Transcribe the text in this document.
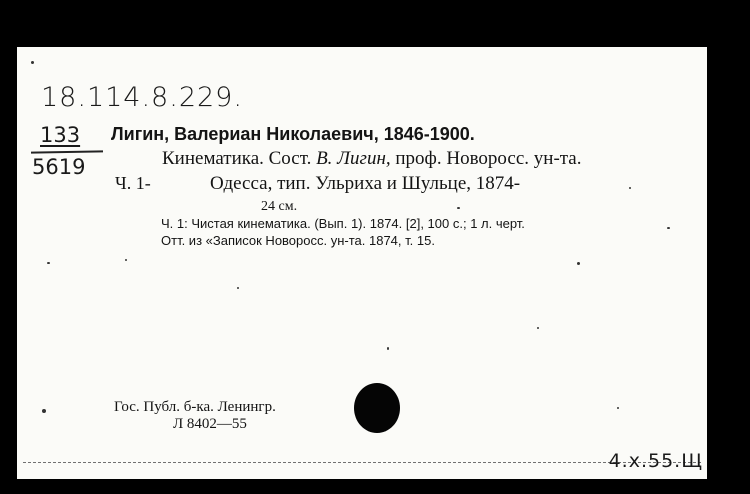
18.114.8.229.
133
5619
Лигин, Валериан Николаевич, 1846-1900.
Кинематика. Сост. В. Лигин, проф. Новоросс. ун-та.
Ч. 1-	Одесса, тип. Ульриха и Шульце, 1874-
24 см.
Ч. 1: Чистая кинематика. (Вып. 1). 1874. [2], 100 с.; 1 л. черт.
Отт. из «Записок Новоросс. ун-та. 1874, т. 15.
Гос. Публ. б-ка. Ленингр.
Л 8402—55
4.x.55.Щ
